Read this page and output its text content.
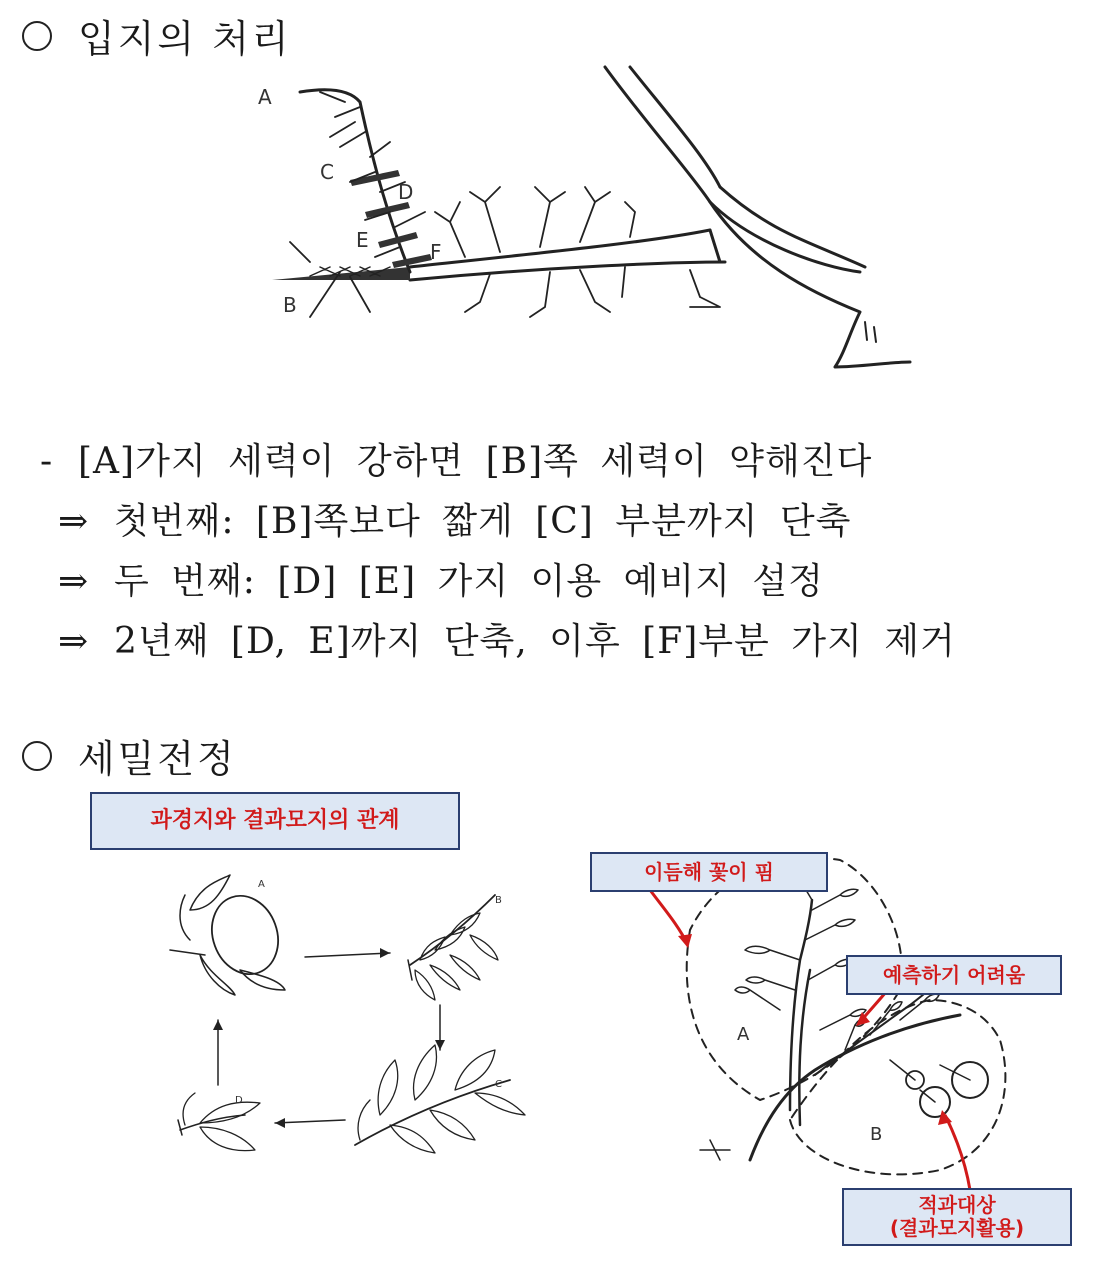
입지의 처리
A
B
C
D
E	F
- [A]가지 세력이 강하면 [B]쪽 세력이 약해진다
⇒ 첫번째: [B]쪽보다 짧게 [C] 부분까지 단축
⇒ 두 번째: [D] [E] 가지 이용 예비지 설정
⇒ 2년째 [D, E]까지 단축, 이후 [F]부분 가지 제거
세밀전정
과경지와 결과모지의 관계
A
B
C
D
A
B
이듬해 꽃이 핌
예측하기 어려움
적과대상
(결과모지활용)
